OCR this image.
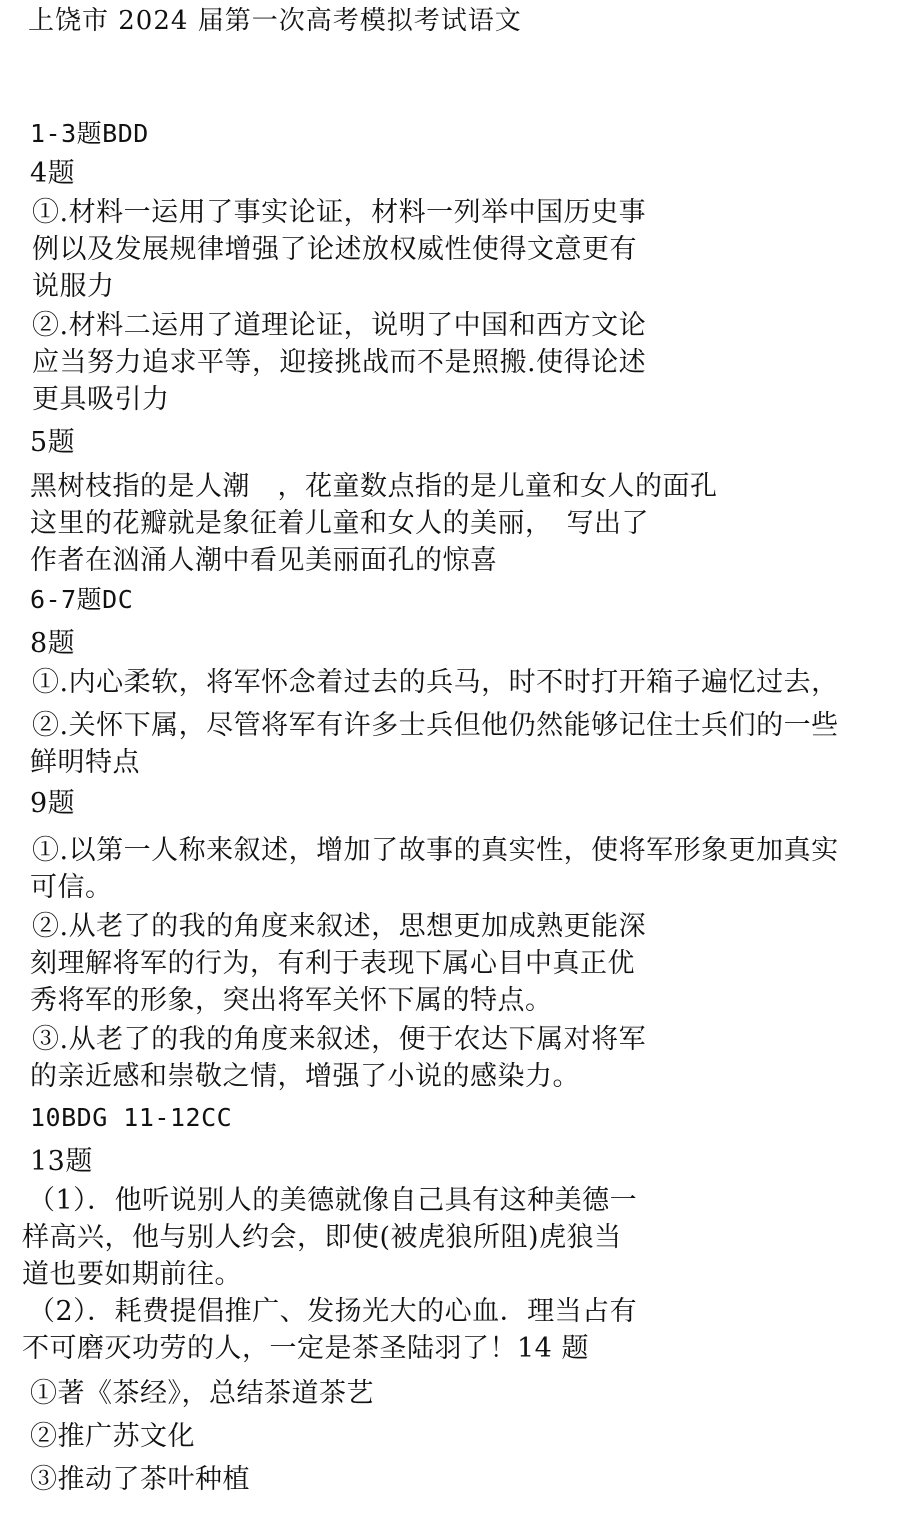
上饶市 2024 届第一次高考模拟考试语文
1-3题BDD
4题
①.材料一运用了事实论证，材料一列举中国历史事
例以及发展规律增强了论述放权威性使得文意更有
说服力
②.材料二运用了道理论证，说明了中国和西方文论
应当努力追求平等，迎接挑战而不是照搬.使得论述
更具吸引力
5题
黑树枝指的是人潮　，花童数点指的是儿童和女人的面孔
这里的花瓣就是象征着儿童和女人的美丽，　写出了
作者在汹涌人潮中看见美丽面孔的惊喜
6-7题DC
8题
①.内心柔软，将军怀念着过去的兵马，时不时打开箱子遍忆过去，
②.关怀下属，尽管将军有许多士兵但他仍然能够记住士兵们的一些
鲜明特点
9题
①.以第一人称来叙述，增加了故事的真实性，使将军形象更加真实
可信。
②.从老了的我的角度来叙述，思想更加成熟更能深
刻理解将军的行为，有利于表现下属心目中真正优
秀将军的形象，突出将军关怀下属的特点。
③.从老了的我的角度来叙述，便于农达下属对将军
的亲近感和崇敬之情，增强了小说的感染力。
10BDG 11-12CC
13题
（1）．他听说别人的美德就像自己具有这种美德一
样高兴，他与别人约会，即使(被虎狼所阻)虎狼当
道也要如期前往。
（2）．耗费提倡推广、发扬光大的心血．理当占有
不可磨灭功劳的人，一定是茶圣陆羽了！14 题
①著《茶经》，总结茶道茶艺
②推广苏文化
③推动了茶叶种植
